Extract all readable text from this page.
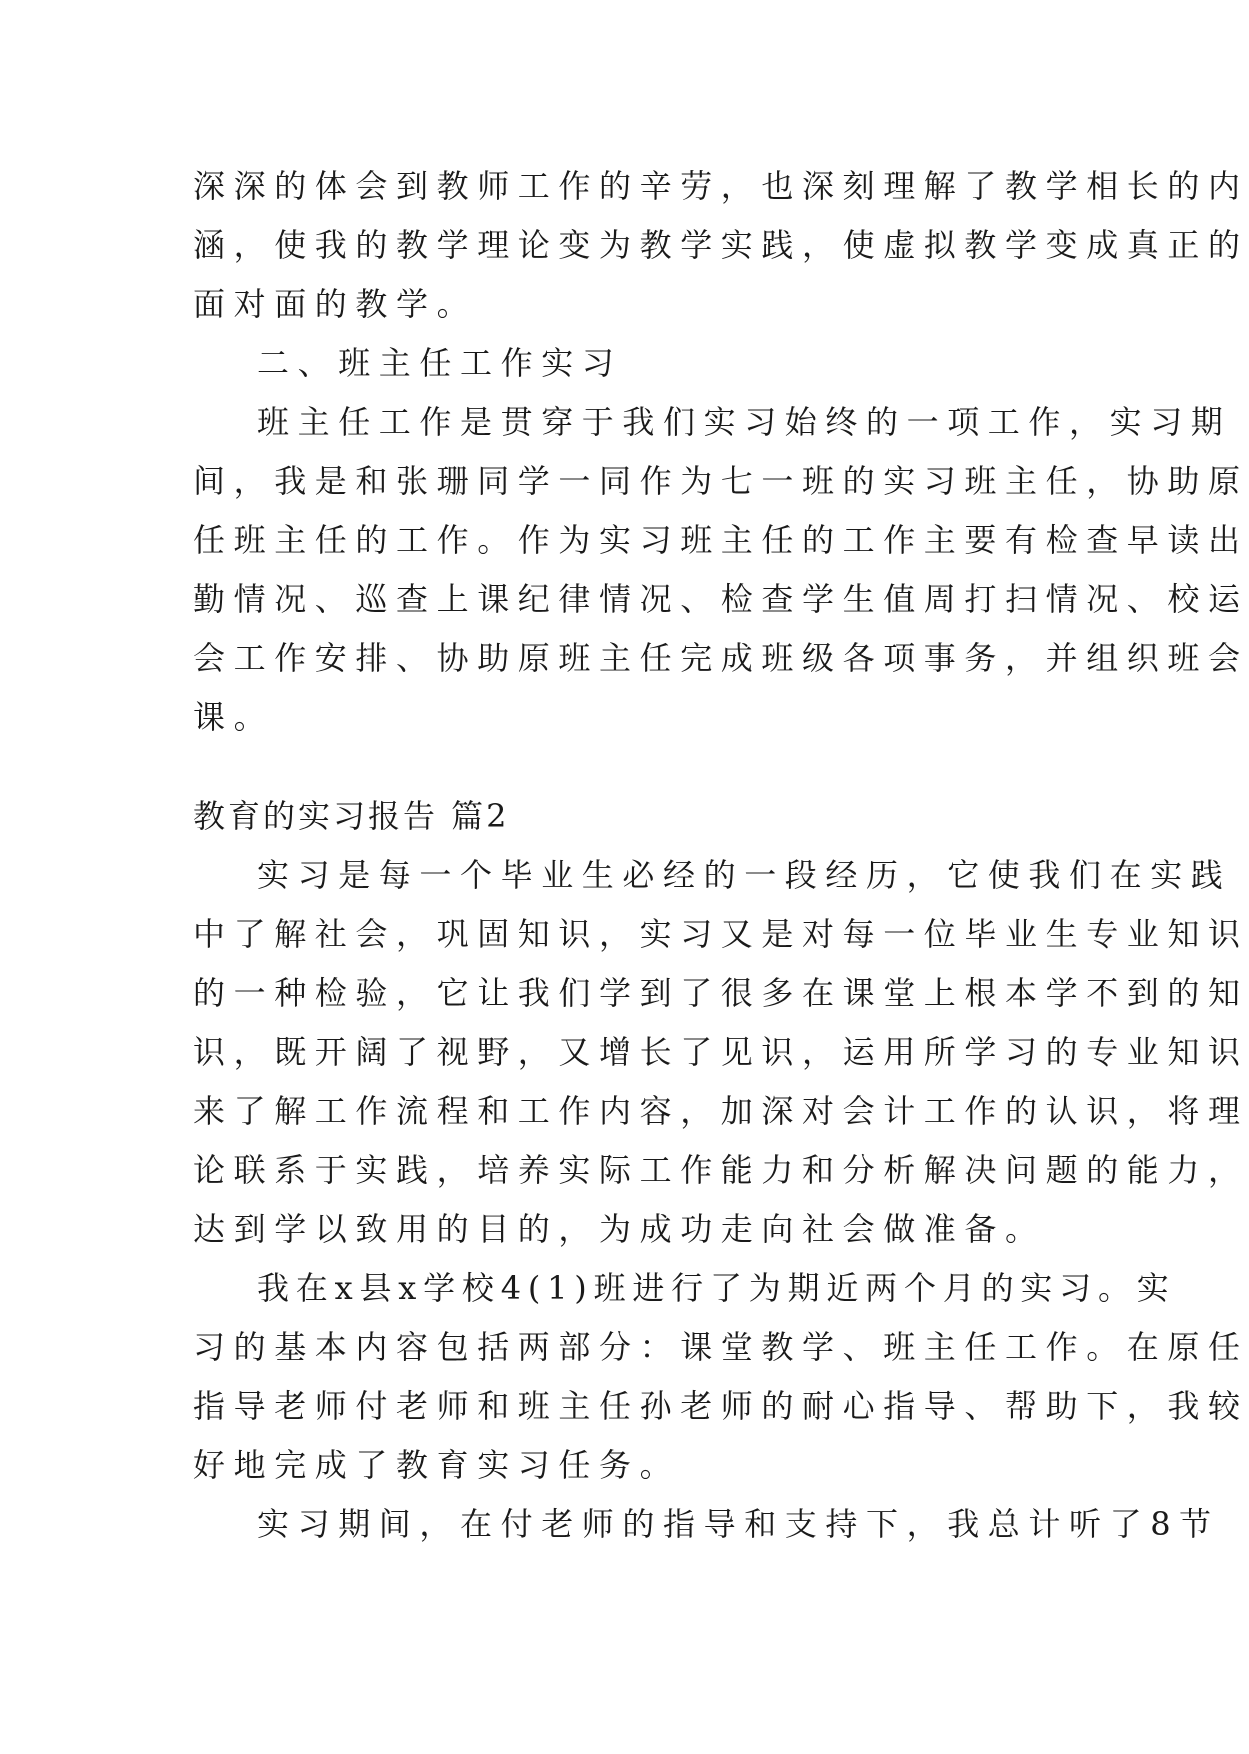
深深的体会到教师工作的辛劳，也深刻理解了教学相长的内

涵，使我的教学理论变为教学实践，使虚拟教学变成真正的

面对面的教学。

二、班主任工作实习

班主任工作是贯穿于我们实习始终的一项工作，实习期

间，我是和张珊同学一同作为七一班的实习班主任，协助原

任班主任的工作。作为实习班主任的工作主要有检查早读出

勤情况、巡查上课纪律情况、检查学生值周打扫情况、校运

会工作安排、协助原班主任完成班级各项事务，并组织班会

课。

教育的实习报告 篇2

实习是每一个毕业生必经的一段经历，它使我们在实践

中了解社会，巩固知识，实习又是对每一位毕业生专业知识

的一种检验，它让我们学到了很多在课堂上根本学不到的知

识，既开阔了视野，又增长了见识，运用所学习的专业知识

来了解工作流程和工作内容，加深对会计工作的认识，将理

论联系于实践，培养实际工作能力和分析解决问题的能力，

达到学以致用的目的，为成功走向社会做准备。

我在x县x学校4(1)班进行了为期近两个月的实习。实

习的基本内容包括两部分：课堂教学、班主任工作。在原任

指导老师付老师和班主任孙老师的耐心指导、帮助下，我较

好地完成了教育实习任务。

实习期间，在付老师的指导和支持下，我总计听了8节
